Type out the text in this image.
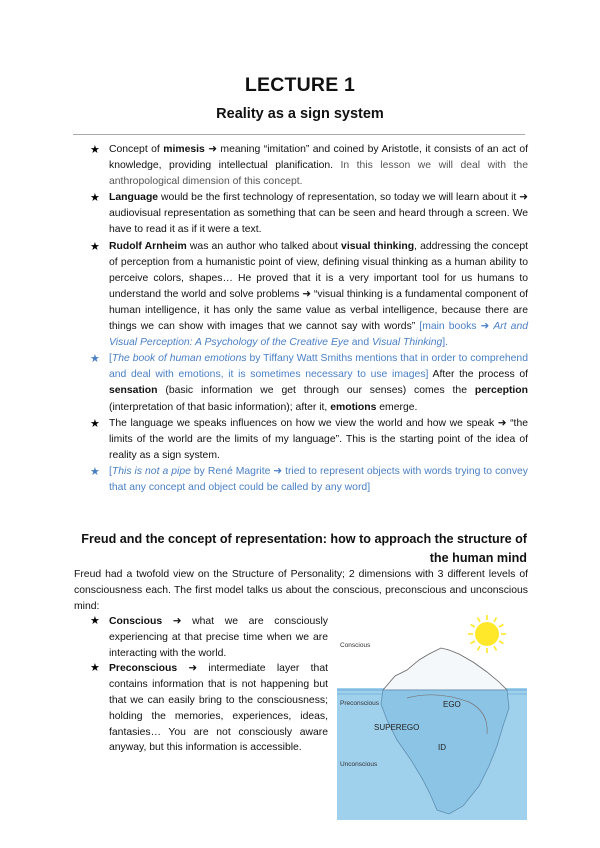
LECTURE 1
Reality as a sign system
★ Concept of mimesis ➜ meaning “imitation” and coined by Aristotle, it consists of an act of knowledge, providing intellectual planification. In this lesson we will deal with the anthropological dimension of this concept.
★ Language would be the first technology of representation, so today we will learn about it ➜ audiovisual representation as something that can be seen and heard through a screen. We have to read it as if it were a text.
★ Rudolf Arnheim was an author who talked about visual thinking, addressing the concept of perception from a humanistic point of view, defining visual thinking as a human ability to perceive colors, shapes… He proved that it is a very important tool for us humans to understand the world and solve problems ➜ “visual thinking is a fundamental component of human intelligence, it has only the same value as verbal intelligence, because there are things we can show with images that we cannot say with words” [main books ➜ Art and Visual Perception: A Psychology of the Creative Eye and Visual Thinking].
★ [The book of human emotions by Tiffany Watt Smiths mentions that in order to comprehend and deal with emotions, it is sometimes necessary to use images] After the process of sensation (basic information we get through our senses) comes the perception (interpretation of that basic information); after it, emotions emerge.
★ The language we speaks influences on how we view the world and how we speak ➜ “the limits of the world are the limits of my language”. This is the starting point of the idea of reality as a sign system.
★ [This is not a pipe by René Magrite ➜ tried to represent objects with words trying to convey that any concept and object could be called by any word]
Freud and the concept of representation: how to approach the structure of the human mind
Freud had a twofold view on the Structure of Personality; 2 dimensions with 3 different levels of consciousness each. The first model talks us about the conscious, preconscious and unconscious mind:
★ Conscious ➜ what we are consciously experiencing at that precise time when we are interacting with the world.
★ Preconscious ➜ intermediate layer that contains information that is not happening but that we can easily bring to the consciousness; holding the memories, experiences, ideas, fantasies… You are not consciously aware anyway, but this information is accessible.
Conscious
Preconscious	EGO
SUPEREGO
ID
Unconscious
